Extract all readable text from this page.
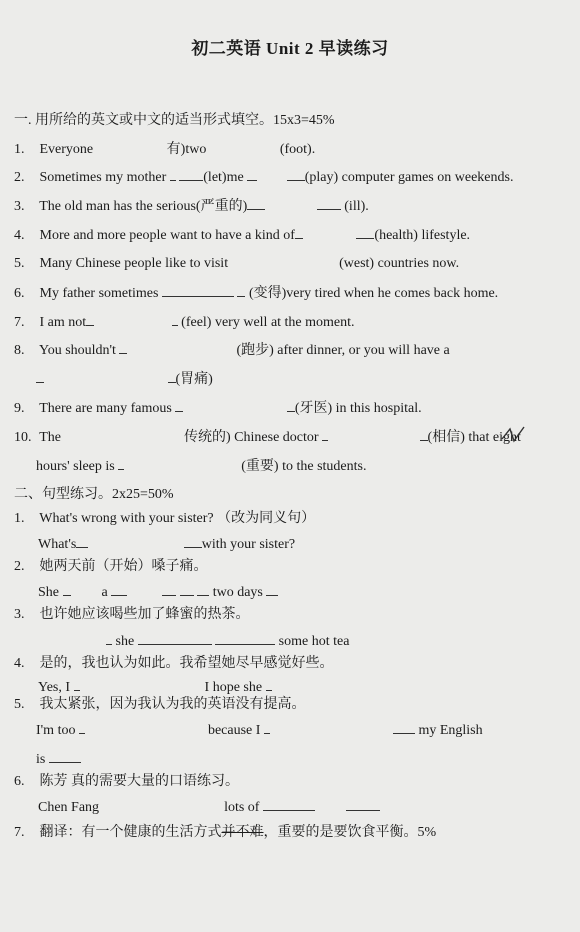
初二英语 Unit 2 早读练习
一. 用所给的英文或中文的适当形式填空。15x3=45%
1. Everyone	有)two	(foot).
2. Sometimes my mother	(let)me	(play) computer games on weekends.
3. The old man has the serious(严重的)	(ill).
4. More and more people want to have a kind of	(health) lifestyle.
5. Many Chinese people like to visit	(west) countries now.
6. My father sometimes	(变得)very tired when he comes back home.
7. I am not	(feel) very well at the moment.
8. You shouldn't	(跑步) after dinner, or you will have a
(胃痛)
9. There are many famous	(牙医) in this hospital.
10. The	传统的) Chinese doctor	(相信) that eight
hours' sleep is	(重要) to the students.
二、句型练习。2x25=50%
1. What's wrong with your sister? （改为同义句）
What's	with your sister?
2. 她两天前（开始）嗓子痛。
She	a	two days
3. 也许她应该喝些加了蜂蜜的热茶。
she	some hot tea
4. 是的，我也认为如此。我希望她尽早感觉好些。
Yes, I	I hope she
5. 我太紧张，因为我认为我的英语没有提高。
I'm too	because I	my English
is
6. 陈芳 真的需要大量的口语练习。
Chen Fang	lots of
7. 翻译：有一个健康的生活方式并不难，重要的是要饮食平衡。5%
